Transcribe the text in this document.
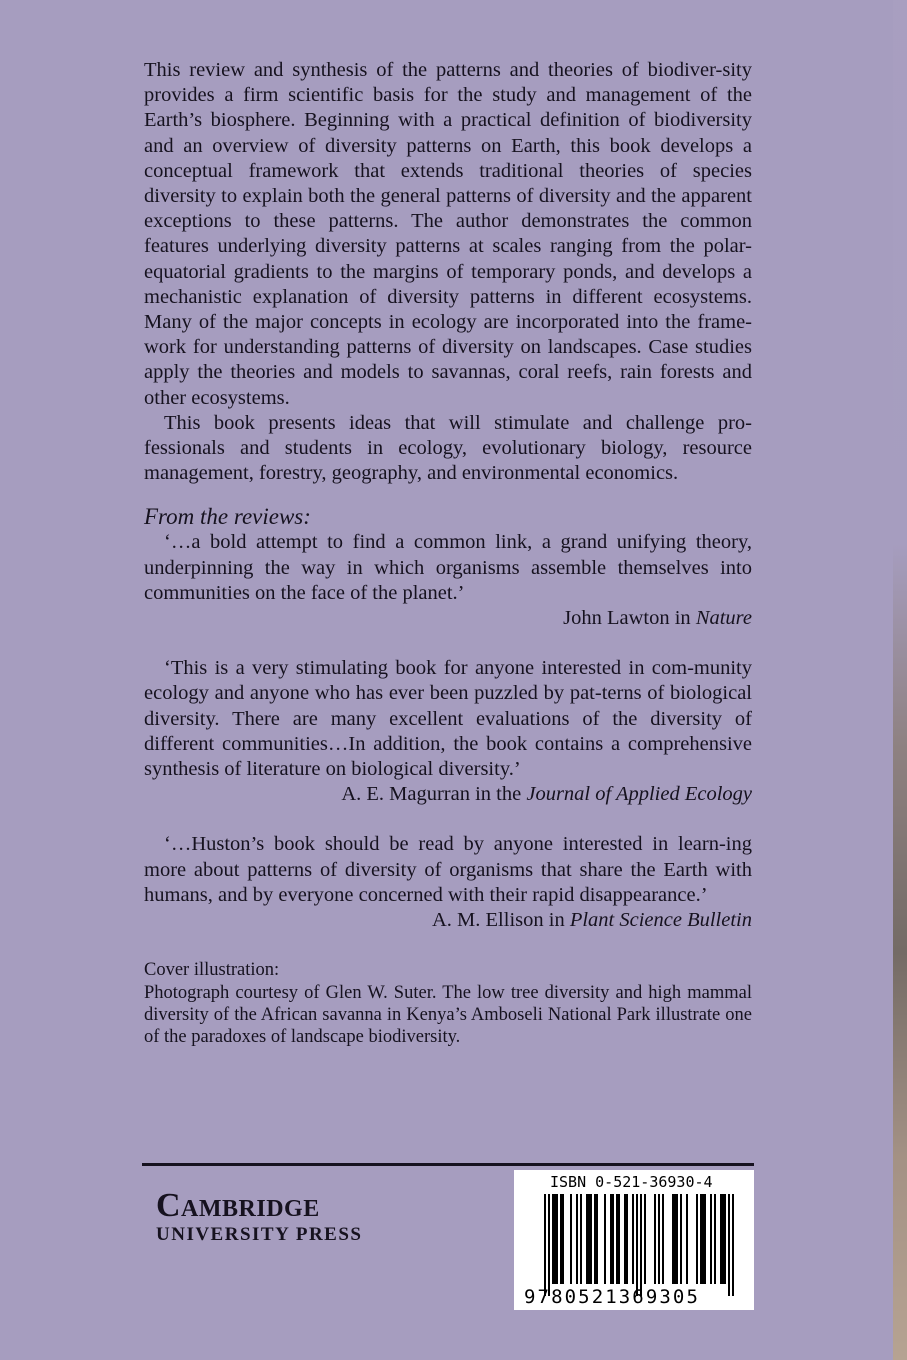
This review and synthesis of the patterns and theories of biodiver-sity provides a firm scientific basis for the study and management of the Earth’s biosphere. Beginning with a practical definition of biodiversity and an overview of diversity patterns on Earth, this book develops a conceptual framework that extends traditional theories of species diversity to explain both the general patterns of diversity and the apparent exceptions to these patterns. The author demonstrates the common features underlying diversity patterns at scales ranging from the polar-equatorial gradients to the margins of temporary ponds, and develops a mechanistic explanation of diversity patterns in different ecosystems. Many of the major concepts in ecology are incorporated into the frame-work for understanding patterns of diversity on landscapes. Case studies apply the theories and models to savannas, coral reefs, rain forests and other ecosystems.

This book presents ideas that will stimulate and challenge pro-fessionals and students in ecology, evolutionary biology, resource management, forestry, geography, and environmental economics.

From the reviews:

‘…a bold attempt to find a common link, a grand unifying theory, underpinning the way in which organisms assemble themselves into communities on the face of the planet.’

John Lawton in Nature

‘This is a very stimulating book for anyone interested in com-munity ecology and anyone who has ever been puzzled by pat-terns of biological diversity. There are many excellent evaluations of the diversity of different communities…In addition, the book contains a comprehensive synthesis of literature on biological diversity.’

A. E. Magurran in the Journal of Applied Ecology

‘…Huston’s book should be read by anyone interested in learn-ing more about patterns of diversity of organisms that share the Earth with humans, and by everyone concerned with their rapid disappearance.’

A. M. Ellison in Plant Science Bulletin

Cover illustration:
Photograph courtesy of Glen W. Suter. The low tree diversity and high mammal diversity of the African savanna in Kenya’s Amboseli National Park illustrate one of the paradoxes of landscape biodiversity.
Cambridge
UNIVERSITY PRESS
ISBN 0-521-36930-4
9780521369305
